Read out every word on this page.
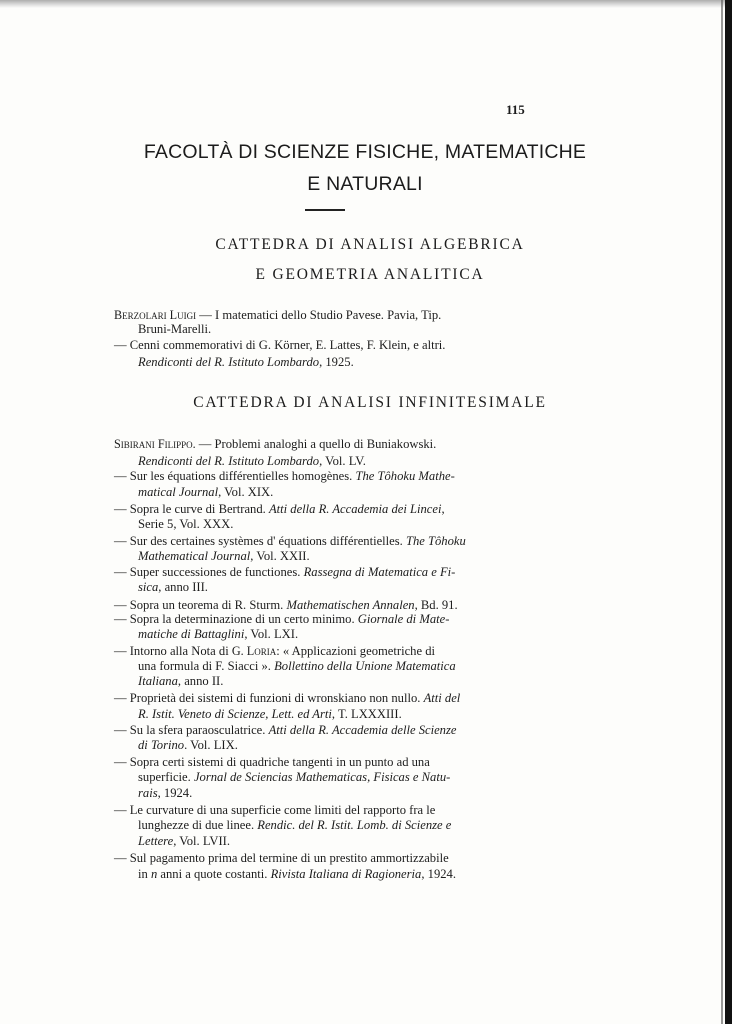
115
FACOLTÀ DI SCIENZE FISICHE, MATEMATICHE
E NATURALI
CATTEDRA DI ANALISI ALGEBRICA
E GEOMETRIA ANALITICA
CATTEDRA DI ANALISI INFINITESIMALE
Berzolari Luigi — I matematici dello Studio Pavese. Pavia, Tip.
Bruni-Marelli.
— Cenni commemorativi di G. Körner, E. Lattes, F. Klein, e altri.
Rendiconti del R. Istituto Lombardo, 1925.
Sibirani Filippo. — Problemi analoghi a quello di Buniakowski.
Rendiconti del R. Istituto Lombardo, Vol. LV.
— Sur les équations différentielles homogènes. The Tôhoku Mathe-
matical Journal, Vol. XIX.
— Sopra le curve di Bertrand. Atti della R. Accademia dei Lincei,
Serie 5, Vol. XXX.
— Sur des certaines systèmes d' équations différentielles. The Tôhoku
Mathematical Journal, Vol. XXII.
— Super successiones de functiones. Rassegna di Matematica e Fi-
sica, anno III.
— Sopra un teorema di R. Sturm. Mathematischen Annalen, Bd. 91.
— Sopra la determinazione di un certo minimo. Giornale di Mate-
matiche di Battaglini, Vol. LXI.
— Intorno alla Nota di G. Loria: « Applicazioni geometriche di
una formula di F. Siacci ». Bollettino della Unione Matematica
Italiana, anno II.
— Proprietà dei sistemi di funzioni di wronskiano non nullo. Atti del
R. Istit. Veneto di Scienze, Lett. ed Arti, T. LXXXIII.
— Su la sfera paraosculatrice. Atti della R. Accademia delle Scienze
di Torino. Vol. LIX.
— Sopra certi sistemi di quadriche tangenti in un punto ad una
superficie. Jornal de Sciencias Mathematicas, Fisicas e Natu-
rais, 1924.
— Le curvature di una superficie come limiti del rapporto fra le
lunghezze di due linee. Rendic. del R. Istit. Lomb. di Scienze e
Lettere, Vol. LVII.
— Sul pagamento prima del termine di un prestito ammortizzabile
in n anni a quote costanti. Rivista Italiana di Ragioneria, 1924.
